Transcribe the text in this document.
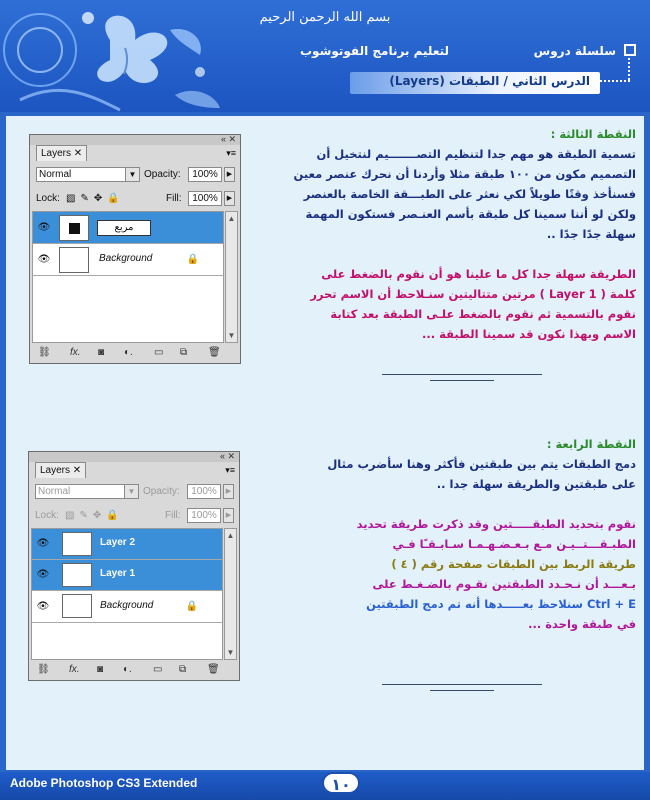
بسم الله الرحمن الرحيم
سلسلة دروس
لتعليم برنامج الفوتوشوب
الدرس الثاني / الطبقات (Layers)
« ✕
Layers ✕	▾≡
Normal	▼ Opacity:	100%	▶
Lock: ▧✎✥🔒	Fill:	100%	▶
👁	مربع
👁	Background	🔒
▲
▼
⛓ fx. ◙ ◐. ▭ ⧉ 🗑
« ✕
Layers ✕	▾≡
Normal	▼ Opacity:	100%	▶
Lock: ▧✎✥🔒	Fill:	100%	▶
👁	Layer 2
👁	Layer 1
👁	Background	🔒
▲
▼
⛓ fx. ◙ ◐. ▭ ⧉ 🗑
النقطة الثالثة :
تسمية الطبقة هو مهم جدا لتنظيم التصـــــــيم لنتخيل أن
التصميم مكون من ١٠٠ طبقة مثلا وأردنا أن نحرك عنصر معين
فسنأخذ وقتًا طويلاً لكي نعثر على الطبـــقة الخاصة بالعنصر
ولكن لو أننا سمينا كل طبقة بأسم العنـصر فستكون المهمة
سهلة جدًا جدًا ..
الطريقة سهلة جدا كل ما علينا هو أن نقوم بالضغط على
كلمة ( Layer 1 ) مرتين متتاليتين سنـلاحظ أن الاسم تحرر
نقوم بالتسمية ثم نقوم بالضغط علـى الطبقة بعد كتابة
الاسم وبهذا نكون قد سمينا الطبقة ...
النقطة الرابعة :
دمج الطبقات يتم بين طبقتين فأكثر وهنا سأضرب مثال
على طبقتين والطريقة سهلة جدا ..
نقوم بتحديد الطبقـــــتين وقد ذكرت طريقة تحديد
الطبـقـــتــيـن مـع بـعـضـهـمـا سـابـقـًا فـي
طريقة الربط بين الطبقات صفحة رقم ( ٤ )
بـعـــد أن نـحـدد الطبقتين نقـوم بالضـغـط على
Ctrl + E سنلاحظ بعـــــدها أنه تم دمج الطبقتين
في طبقة واحدة ...
Adobe Photoshop CS3 Extended	١٠
